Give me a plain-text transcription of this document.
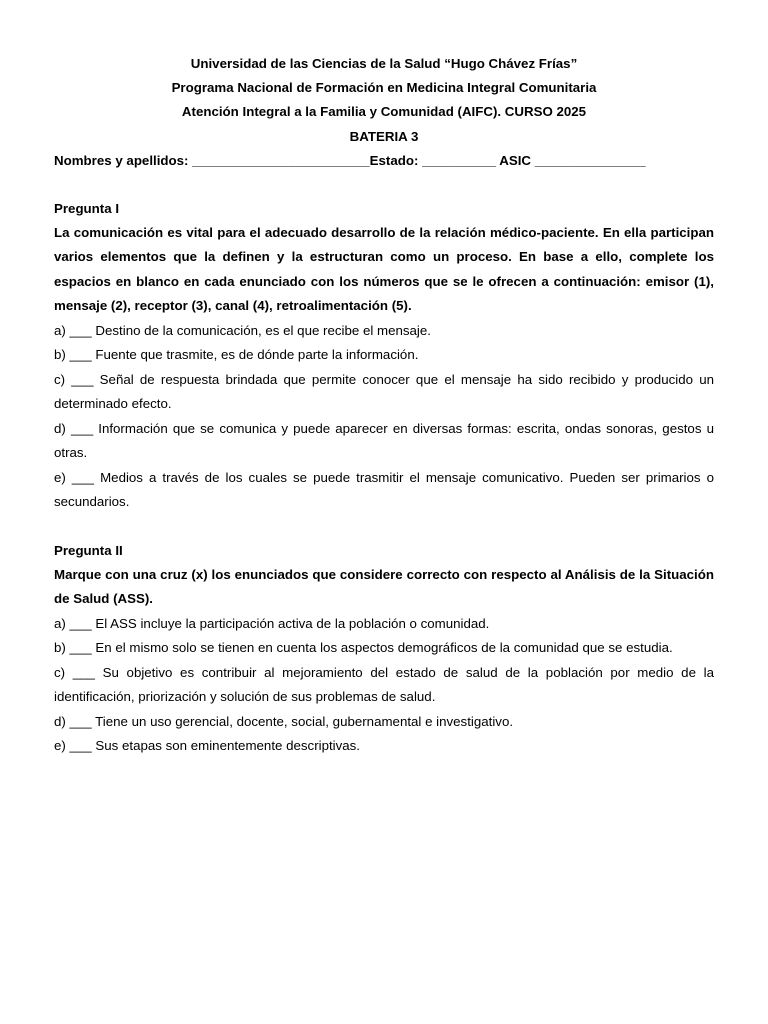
Universidad de las Ciencias de la Salud “Hugo Chávez Frías”
Programa Nacional de Formación en Medicina Integral Comunitaria
Atención Integral a la Familia y Comunidad (AIFC). CURSO 2025
BATERIA 3
Nombres y apellidos: ________________________Estado: __________ ASIC _______________
Pregunta I
La comunicación es vital para el adecuado desarrollo de la relación médico-paciente. En ella participan varios elementos que la definen y la estructuran como un proceso. En base a ello, complete los espacios en blanco en cada enunciado con los números que se le ofrecen a continuación: emisor (1), mensaje (2), receptor (3), canal (4), retroalimentación (5).
a) ___ Destino de la comunicación, es el que recibe el mensaje.
b) ___ Fuente que trasmite, es de dónde parte la información.
c) ___ Señal de respuesta brindada que permite conocer que el mensaje ha sido recibido y producido un determinado efecto.
d) ___ Información que se comunica y puede aparecer en diversas formas: escrita, ondas sonoras, gestos u otras.
e) ___ Medios a través de los cuales se puede trasmitir el mensaje comunicativo. Pueden ser primarios o secundarios.
Pregunta II
Marque con una cruz (x) los enunciados que considere correcto con respecto al Análisis de la Situación de Salud (ASS).
a) ___ El ASS incluye la participación activa de la población o comunidad.
b) ___ En el mismo solo se tienen en cuenta los aspectos demográficos de la comunidad que se estudia.
c) ___ Su objetivo es contribuir al mejoramiento del estado de salud de la población por medio de la identificación, priorización y solución de sus problemas de salud.
d) ___ Tiene un uso gerencial, docente, social, gubernamental e investigativo.
e) ___ Sus etapas son eminentemente descriptivas.
